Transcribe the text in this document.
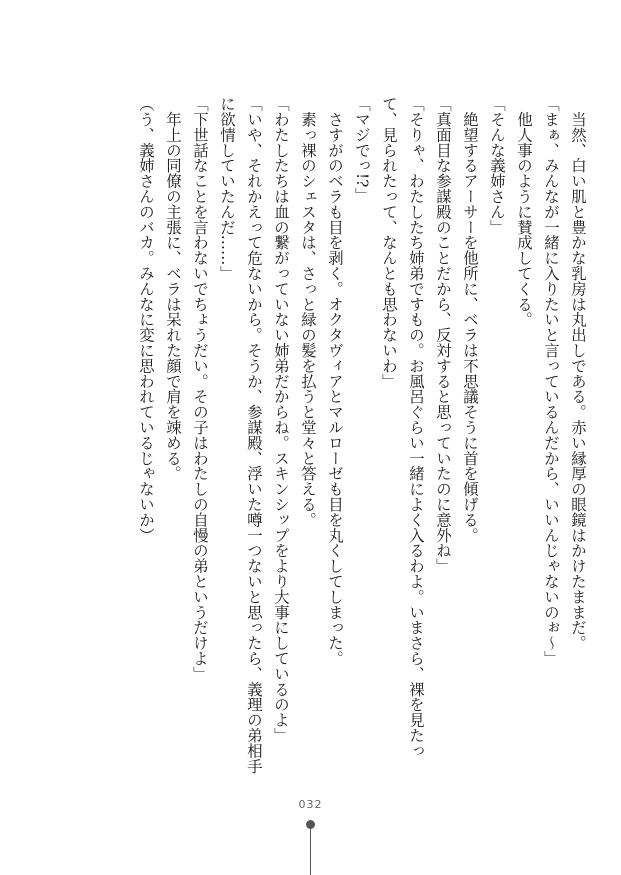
　当然、白い肌と豊かな乳房は丸出しである。赤い縁厚の眼鏡はかけたままだ。

「まぁ、みんなが一緒に入りたいと言っているんだから、いいんじゃないのぉ～」

　他人事のように賛成してくる。

「そんな義姉さん」

　絶望するアーサーを他所に、ベラは不思議そうに首を傾げる。

「真面目な参謀殿のことだから、反対すると思っていたのに意外ね」

「そりゃ、わたしたち姉弟ですもの。お風呂ぐらい一緒によく入るわよ。いまさら、裸を見たって、見られたって、なんとも思わないわ」

「マジでっ!?」

　さすがのベラも目を剥く。オクタヴィアとマルローゼも目を丸くしてしまった。

　素っ裸のシェスタは、さっと緑の髪を払うと堂々と答える。

「わたしたちは血の繋がっていない姉弟だからね。スキンシップをより大事にしているのよ」

「いや、それかえって危ないから。そうか、参謀殿、浮いた噂一つないと思ったら、義理の弟相手に欲情していたんだ……」

「下世話なことを言わないでちょうだい。その子はわたしの自慢の弟というだけよ」

　年上の同僚の主張に、ベラは呆れた顔で肩を竦める。

（う、義姉さんのバカ。みんなに変に思われているじゃないか）

032
